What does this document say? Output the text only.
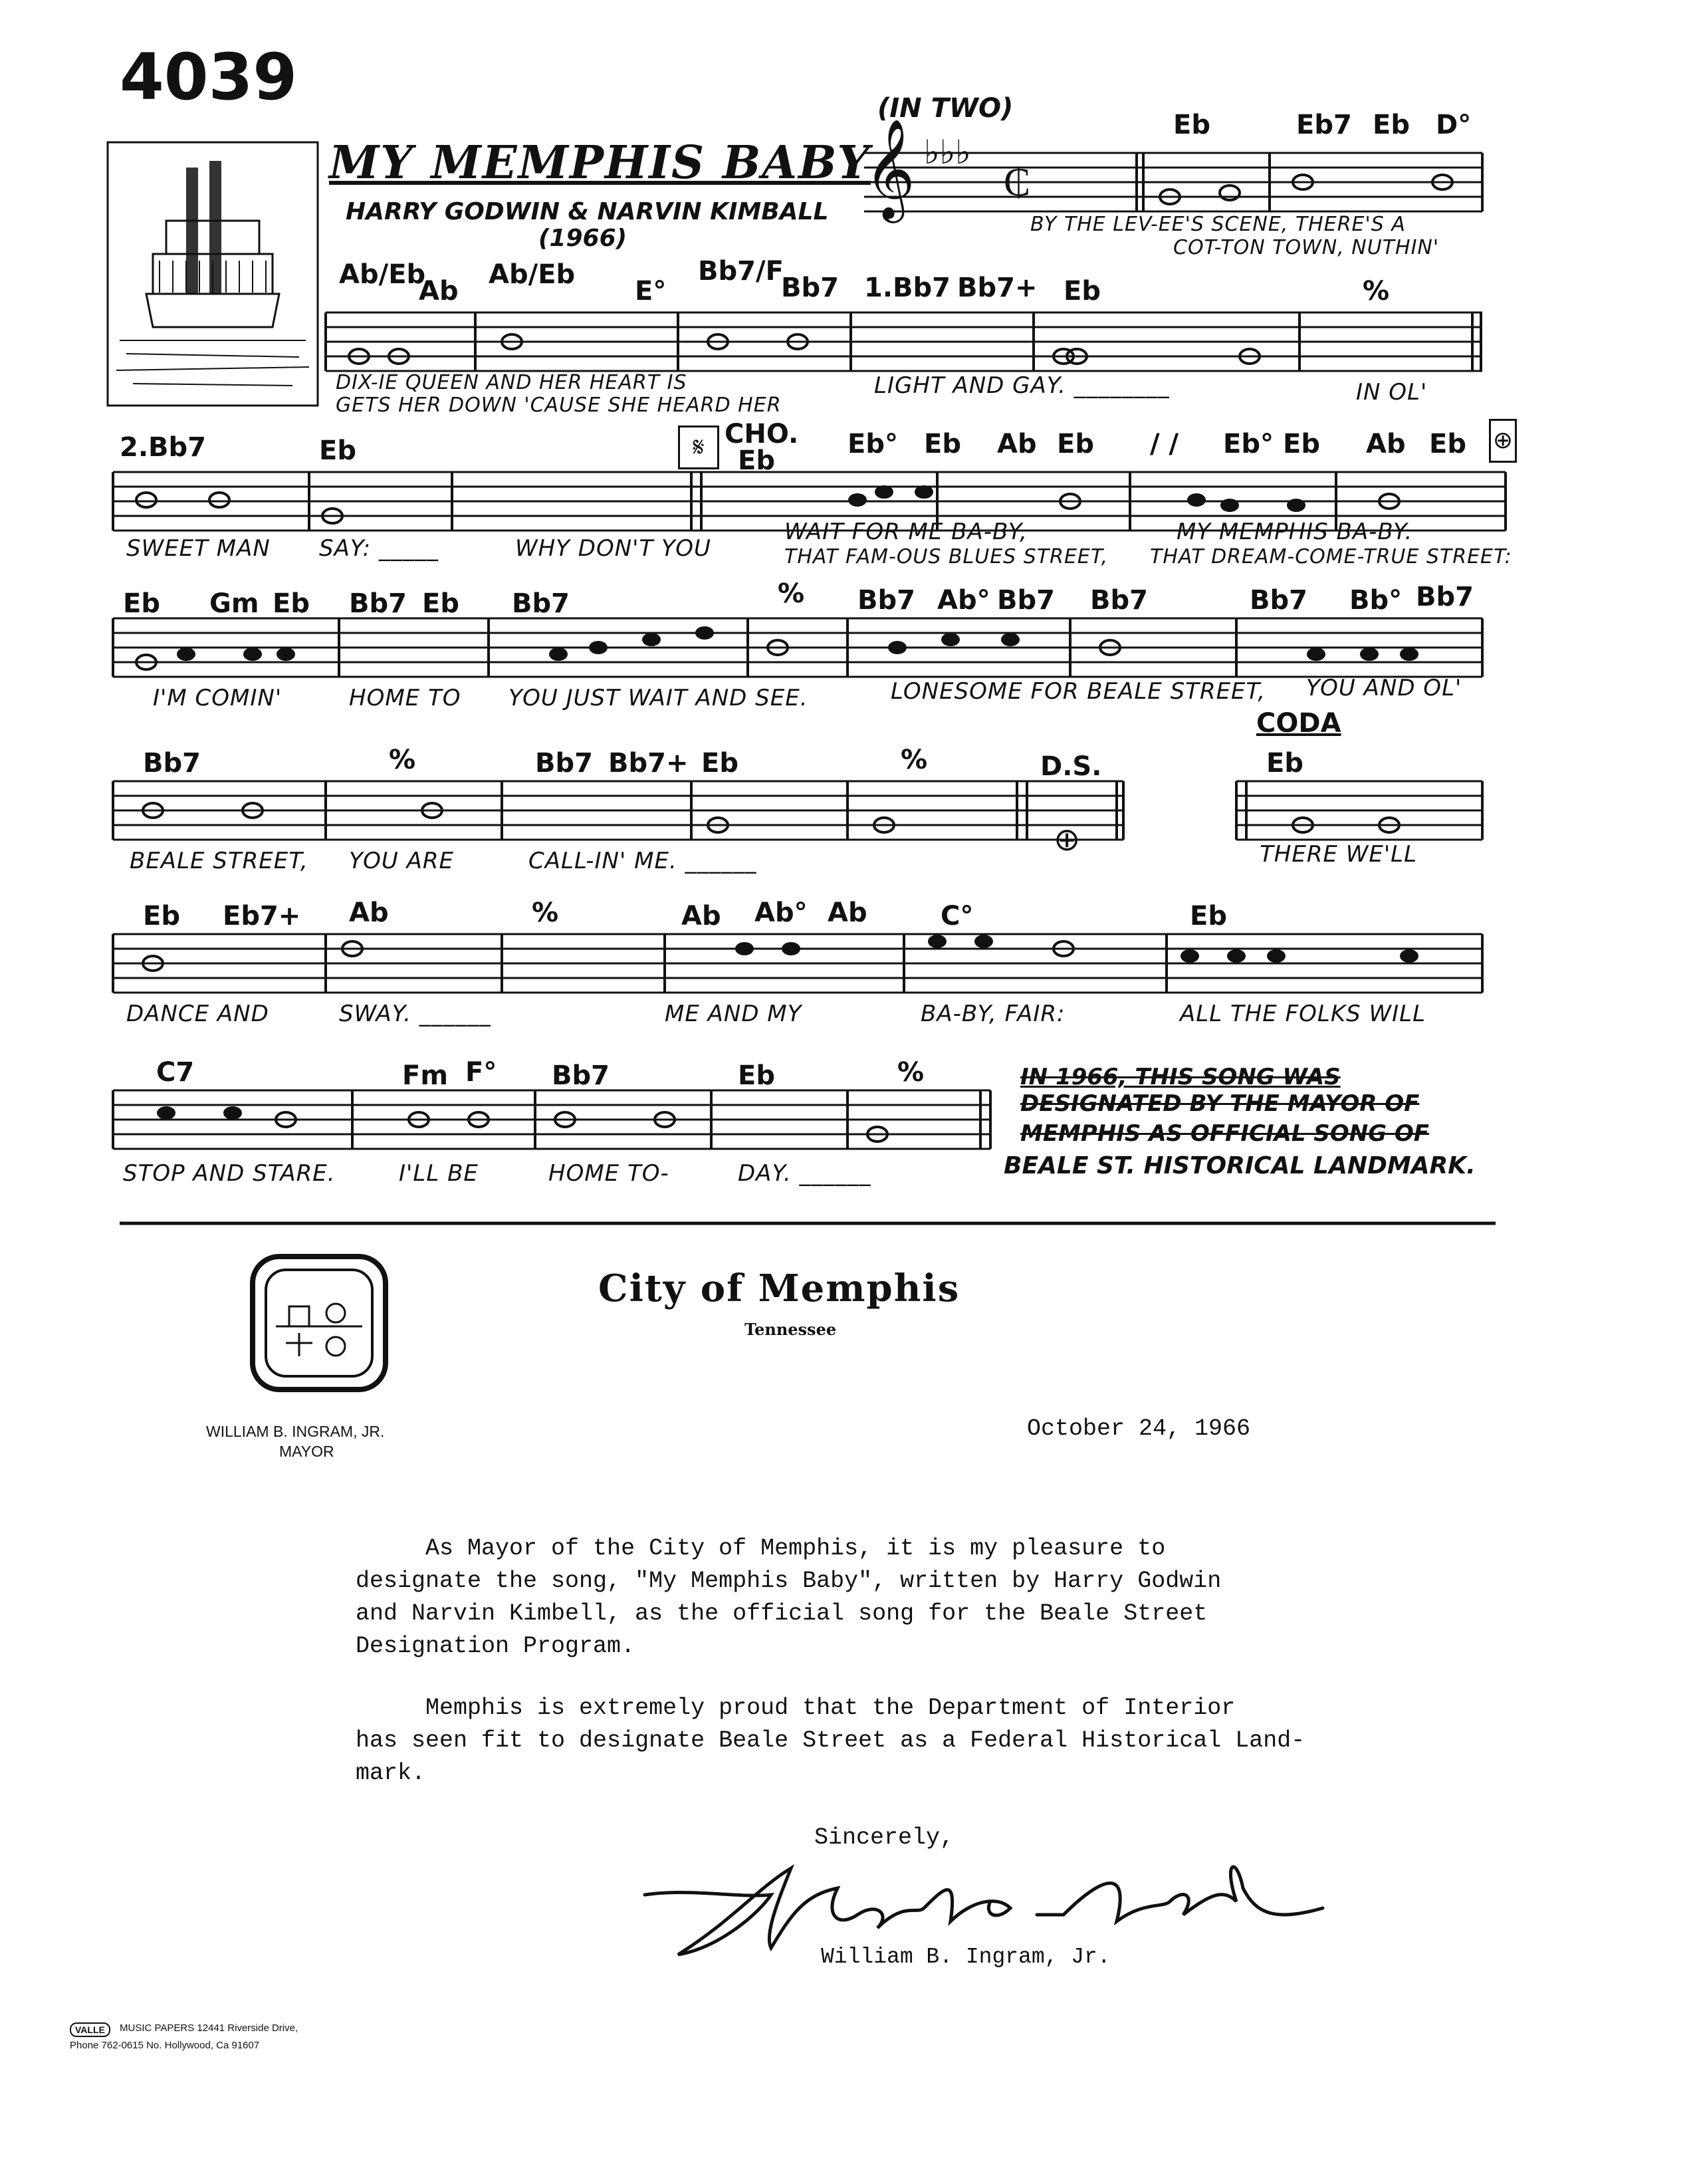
4039	(IN TWO)
MY MEMPHIS BABY
HARRY GODWIN & NARVIN KIMBALL
(1966)
𝄞 ♭♭♭
₵
Eb	Eb7 Eb D°
Ab/Eb
Ab
Ab/Eb
E°
Bb7/F
Bb7 1.Bb7 Bb7+ Eb	%
2.Bb7	Eb
CHO.
Eb
Eb° Eb Ab Eb / / Eb° Eb Ab Eb
𝄋	⊕
Eb Gm Eb Bb7 Eb Bb7	% Bb7 Ab° Bb7 Bb7	Bb7 Bb° Bb7
Bb7	%	Bb7 Bb7+ Eb	%	D.S.
CODA
Eb
⊕
Eb Eb7+ Ab	%	Ab Ab° Ab	C°	Eb
C7	Fm F° Bb7	Eb	%
BY THE LEV-EE'S SCENE, THERE'S A
COT-TON TOWN, NUTHIN'
DIX-IE QUEEN AND HER HEART IS
GETS HER DOWN 'CAUSE SHE HEARD HER
LIGHT AND GAY. ________	IN OL'
SWEET MAN SAY: _____	WHY DON'T YOU
WAIT FOR ME BA-BY,	MY MEMPHIS BA-BY.
THAT FAM-OUS BLUES STREET, THAT DREAM-COME-TRUE STREET:
I'M COMIN'	HOME TO YOU JUST WAIT AND SEE.	LONESOME FOR BEALE STREET, YOU AND OL'
BEALE STREET, YOU ARE	CALL-IN' ME. ______	THERE WE'LL
DANCE AND	SWAY. ______	ME AND MY	BA-BY, FAIR:	ALL THE FOLKS WILL
STOP AND STARE.	I'LL BE	HOME TO-	DAY. ______
IN 1966, THIS SONG WAS
DESIGNATED BY THE MAYOR OF
MEMPHIS AS OFFICIAL SONG OF
BEALE ST. HISTORICAL LANDMARK.
City of Memphis
Tennessee
WILLIAM B. INGRAM, JR.
MAYOR
October 24, 1966
As Mayor of the City of Memphis, it is my pleasure to
designate the song, "My Memphis Baby", written by Harry Godwin
and Narvin Kimbell, as the official song for the Beale Street
Designation Program.
Memphis is extremely proud that the Department of Interior
has seen fit to designate Beale Street as a Federal Historical Land-
mark.
Sincerely,
William B. Ingram, Jr.
VALLE	MUSIC PAPERS 12441 Riverside Drive,
Phone 762-0615 No. Hollywood, Ca 91607
